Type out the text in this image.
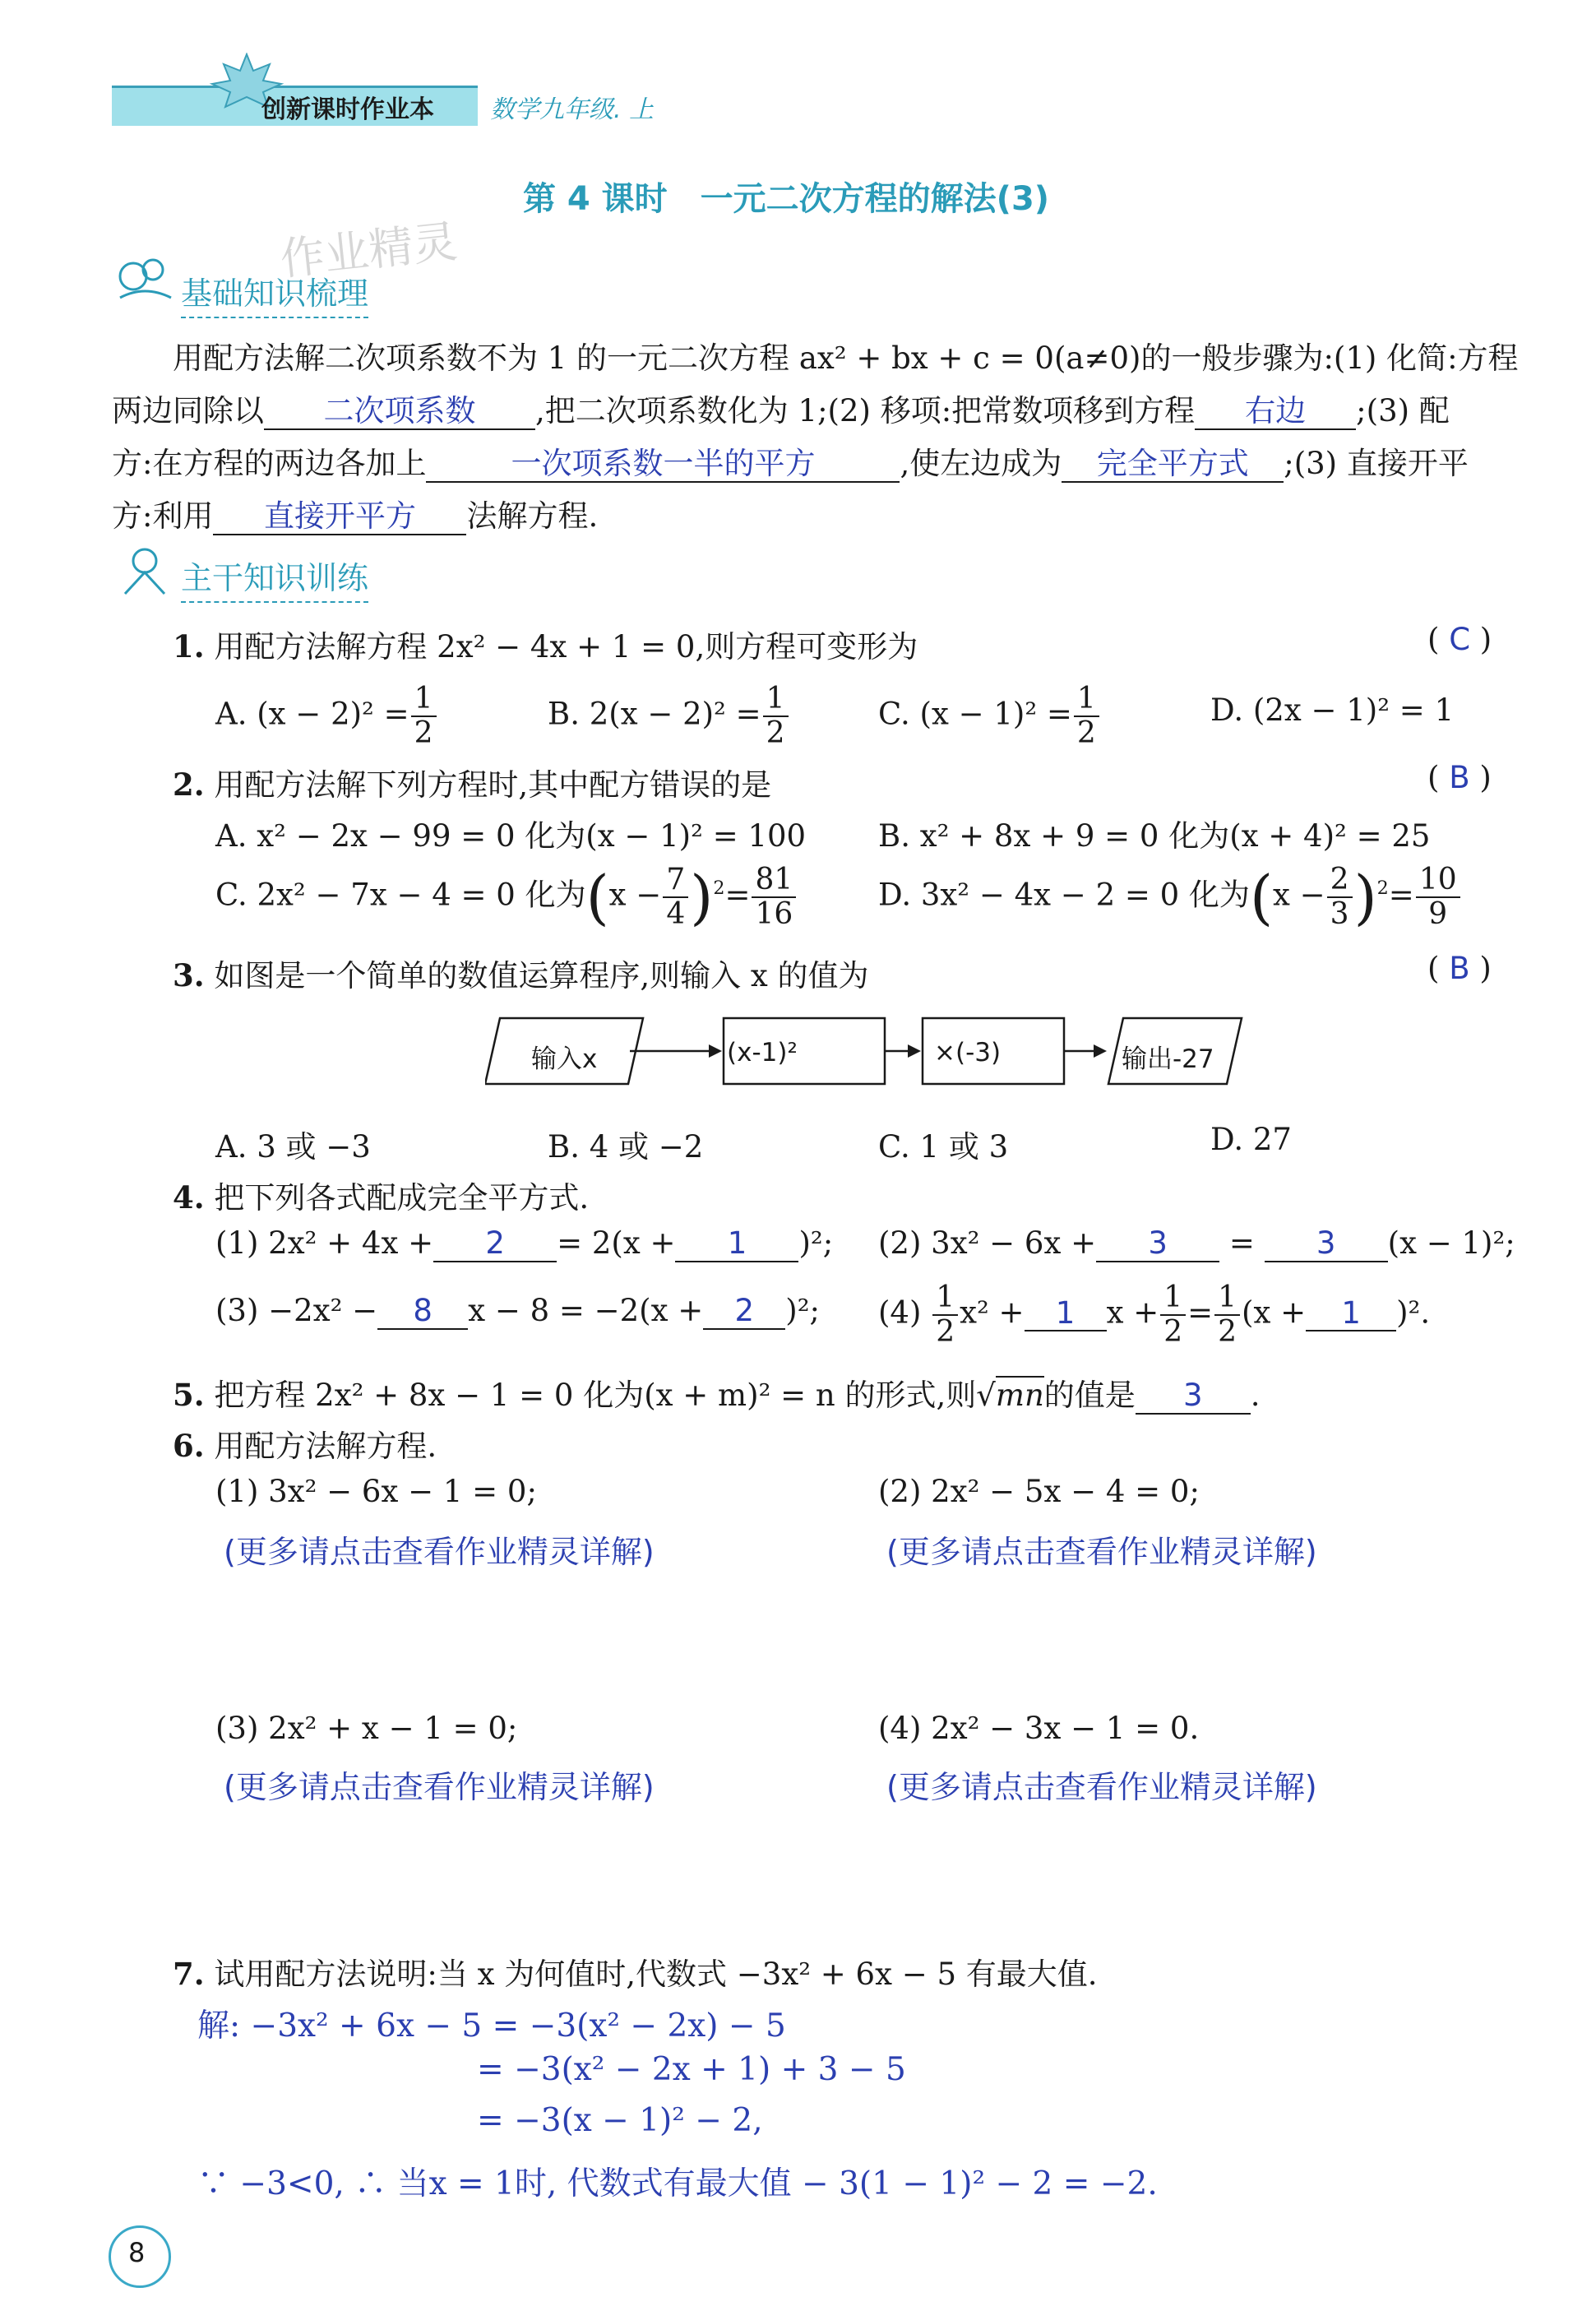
创新课时作业本 数学九年级. 上
第 4 课时　一元二次方程的解法(3)
作业精灵
基础知识梳理
用配方法解二次项系数不为 1 的一元二次方程 ax² + bx + c = 0(a≠0)的一般步骤为:(1) 化简:方程
两边同除以 二次项系数 ,把二次项系数化为 1;(2) 移项:把常数项移到方程 右边 ;(3) 配
方:在方程的两边各加上	一次项系数一半的平方	,使左边成为 完全平方式 ;(3) 直接开平
方:利用 直接开平方 法解方程.
主干知识训练
1. 用配方法解方程 2x² − 4x + 1 = 0,则方程可变形为	( C )
A. $(x - 2)^2 = \frac{1}{2}$	B. $2(x - 2)^2 = \frac{1}{2}$	C. $(x - 1)^2 = \frac{1}{2}$	D. (2x − 1)² = 1
2. 用配方法解下列方程时,其中配方错误的是	( B )
A. x² − 2x − 99 = 0 化为(x − 1)² = 100 B. x² + 8x + 9 = 0 化为(x + 4)² = 25
C. 2x² − 7x − 4 = 0 化为$(x - \frac{7}{4} )^2= \frac{81}{16}$	D. 3x² − 4x − 2 = 0 化为$(x - \frac{2}{3} )^2= \frac{10}{9}$
3. 如图是一个简单的数值运算程序,则输入 x 的值为	( B )
输入x	(x-1)²	×(-3)	输出-27
A. 3 或 −3	B. 4 或 −2	C. 1 或 3	D. 27
4. 把下列各式配成完全平方式.
(1) 2x² + 4x + 2 = 2(x + 1 )²; (2) 3x² − 6x + 3 = 3 (x − 1)²;
(3) −2x² − 8 x − 8 = −2(x + 2 )²; $(4) \frac{1}{2} x^2 + 1$ $x + \frac{1}{2} = \frac{1}{2} (x + 1$ )².
5. 把方程 2x² + 8x − 1 = 0 化为(x + m)² = n 的形式,则√mn的值是 3 .
6. 用配方法解方程.
(1) 3x² − 6x − 1 = 0;	(2) 2x² − 5x − 4 = 0;
(更多请点击查看作业精灵详解)	(更多请点击查看作业精灵详解)
(3) 2x² + x − 1 = 0;	(4) 2x² − 3x − 1 = 0.
(更多请点击查看作业精灵详解)	(更多请点击查看作业精灵详解)
7. 试用配方法说明:当 x 为何值时,代数式 −3x² + 6x − 5 有最大值.
解: −3x² + 6x − 5 = −3(x² − 2x) − 5
= −3(x² − 2x + 1) + 3 − 5
= −3(x − 1)² − 2,
∵ −3<0, ∴ 当x = 1时, 代数式有最大值 − 3(1 − 1)² − 2 = −2.
8
